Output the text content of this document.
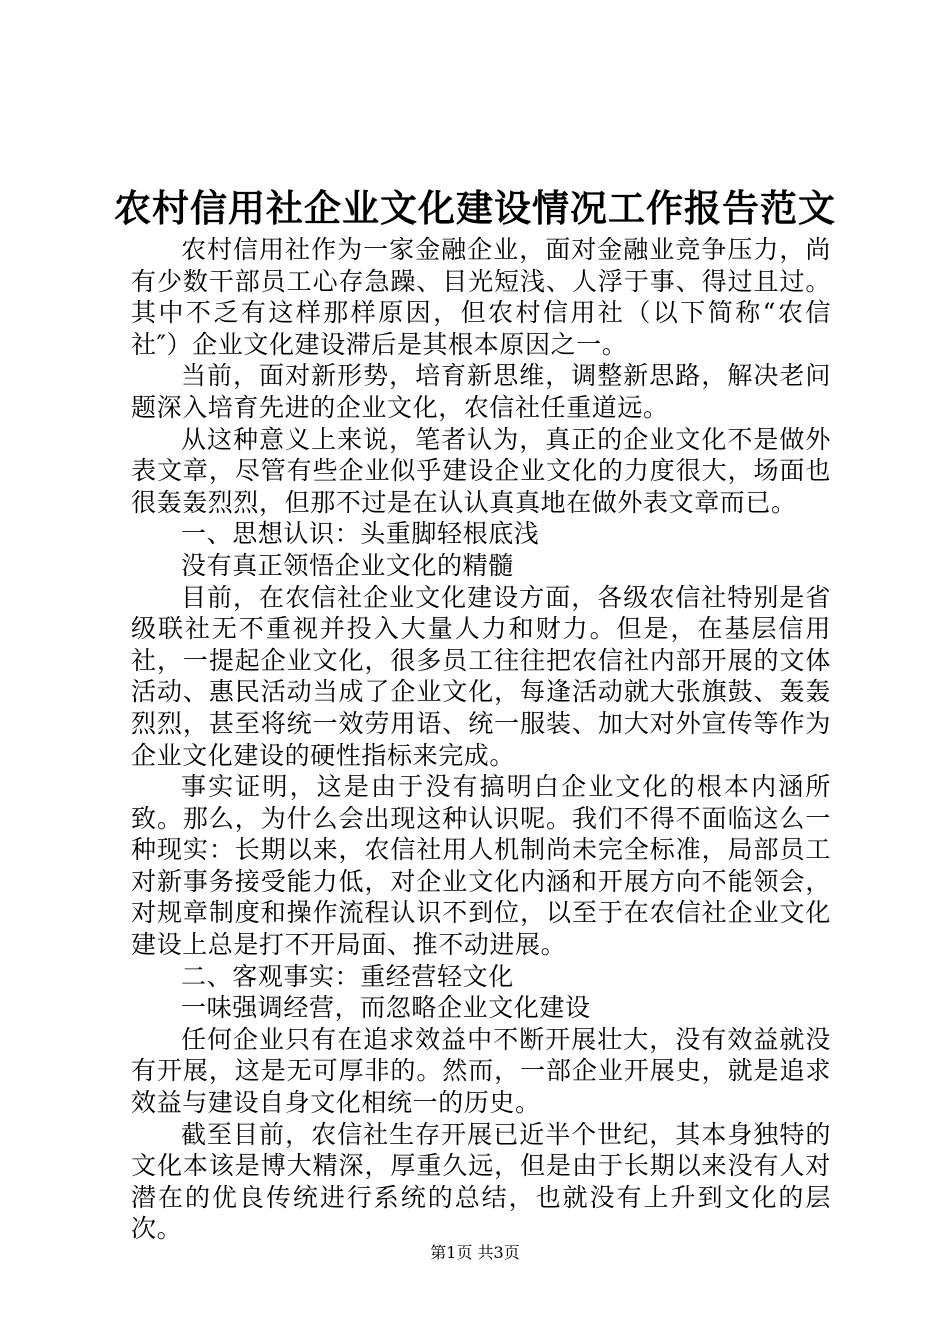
农村信用社企业文化建设情况工作报告范文

农村信用社作为一家金融企业，面对金融业竞争压力，尚有少数干部员工心存急躁、目光短浅、人浮于事、得过且过。其中不乏有这样那样原因，但农村信用社（以下简称“农信社″）企业文化建设滞后是其根本原因之一。

当前，面对新形势，培育新思维，调整新思路，解决老问题深入培育先进的企业文化，农信社任重道远。

从这种意义上来说，笔者认为，真正的企业文化不是做外表文章，尽管有些企业似乎建设企业文化的力度很大，场面也很轰轰烈烈，但那不过是在认认真真地在做外表文章而已。

一、思想认识：头重脚轻根底浅

没有真正领悟企业文化的精髓

目前，在农信社企业文化建设方面，各级农信社特别是省级联社无不重视并投入大量人力和财力。但是，在基层信用社，一提起企业文化，很多员工往往把农信社内部开展的文体活动、惠民活动当成了企业文化，每逢活动就大张旗鼓、轰轰烈烈，甚至将统一效劳用语、统一服装、加大对外宣传等作为企业文化建设的硬性指标来完成。

事实证明，这是由于没有搞明白企业文化的根本内涵所致。那么，为什么会出现这种认识呢。我们不得不面临这么一种现实：长期以来，农信社用人机制尚未完全标准，局部员工对新事务接受能力低，对企业文化内涵和开展方向不能领会，对规章制度和操作流程认识不到位，以至于在农信社企业文化建设上总是打不开局面、推不动进展。

二、客观事实：重经营轻文化

一味强调经营，而忽略企业文化建设

任何企业只有在追求效益中不断开展壮大，没有效益就没有开展，这是无可厚非的。然而，一部企业开展史，就是追求效益与建设自身文化相统一的历史。

截至目前，农信社生存开展已近半个世纪，其本身独特的文化本该是博大精深，厚重久远，但是由于长期以来没有人对潜在的优良传统进行系统的总结，也就没有上升到文化的层次。

第1页 共3页
